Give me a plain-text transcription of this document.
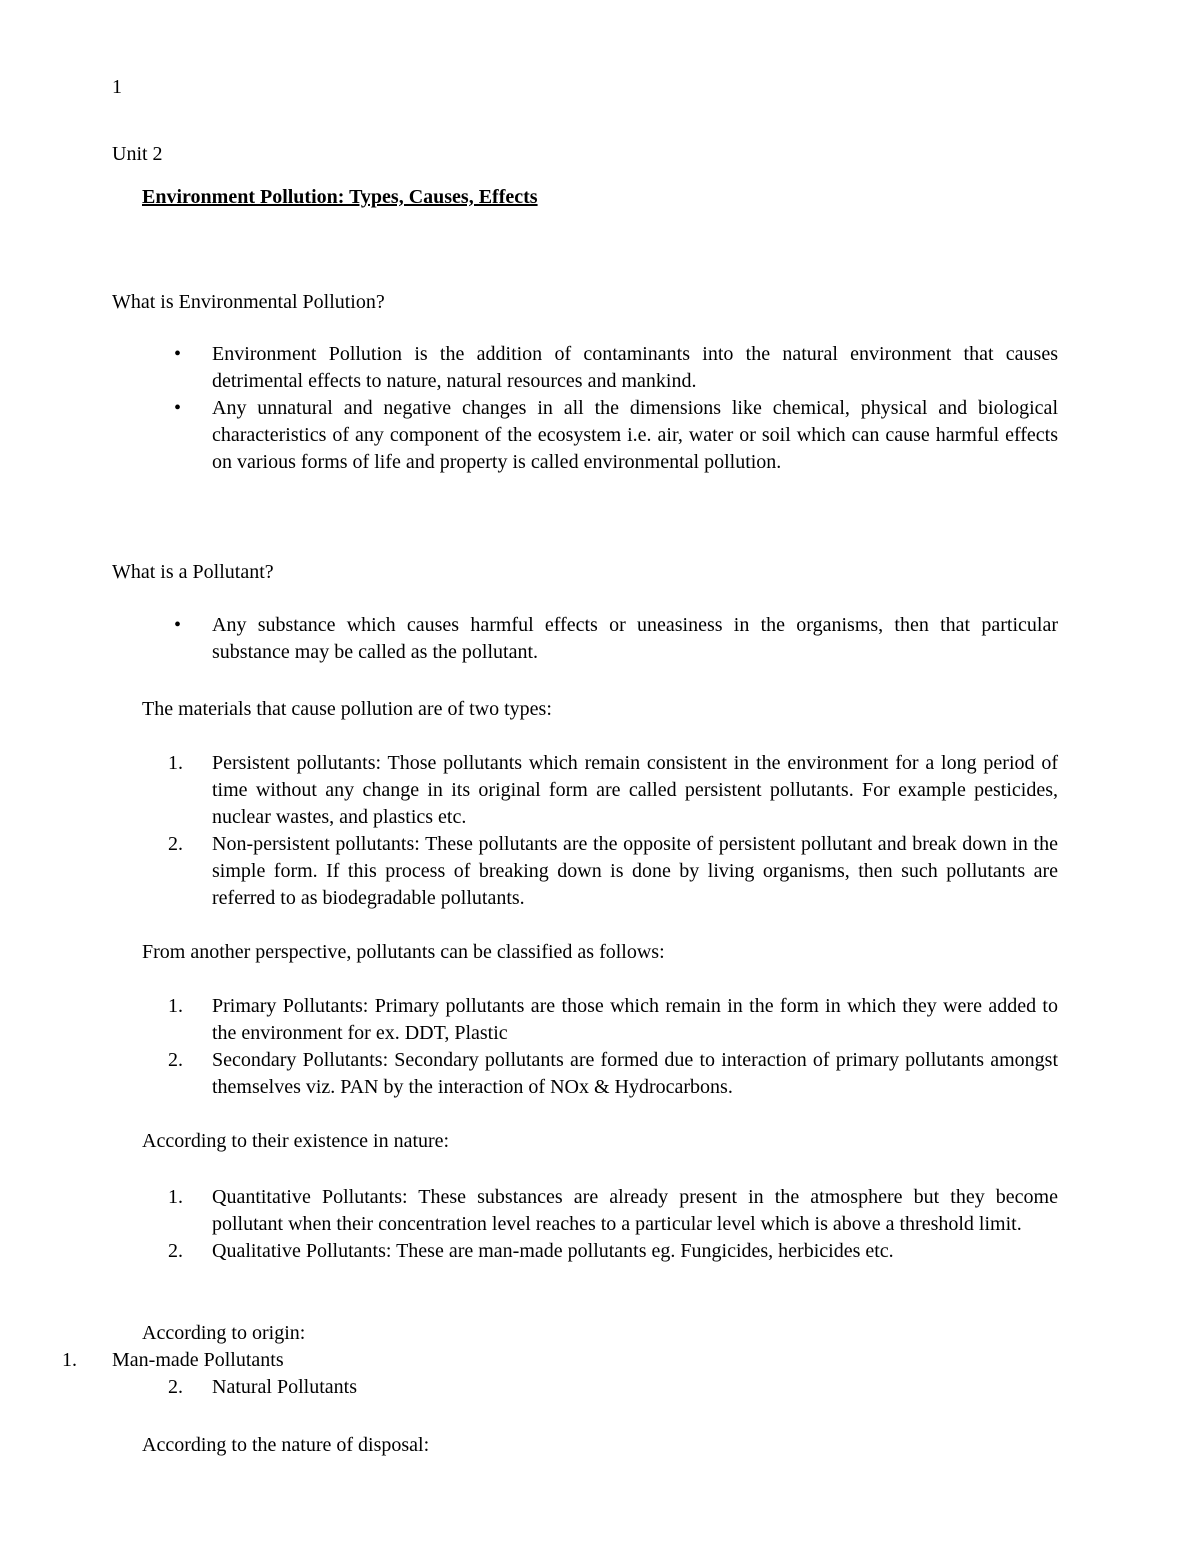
1
Unit 2
Environment Pollution: Types, Causes, Effects
What is Environmental Pollution?
•	Environment Pollution is the addition of contaminants into the natural environment that causes detrimental effects to nature, natural resources and mankind.
•	Any unnatural and negative changes in all the dimensions like chemical, physical and biological characteristics of any component of the ecosystem i.e. air, water or soil which can cause harmful effects on various forms of life and property is called environmental pollution.
What is a Pollutant?
•	Any substance which causes harmful effects or uneasiness in the organisms, then that particular substance may be called as the pollutant.
The materials that cause pollution are of two types:
1.	Persistent pollutants: Those pollutants which remain consistent in the environment for a long period of time without any change in its original form are called persistent pollutants. For example pesticides, nuclear wastes, and plastics etc.
2.	Non-persistent pollutants: These pollutants are the opposite of persistent pollutant and break down in the simple form. If this process of breaking down is done by living organisms, then such pollutants are referred to as biodegradable pollutants.
From another perspective, pollutants can be classified as follows:
1.	Primary Pollutants: Primary pollutants are those which remain in the form in which they were added to the environment for ex. DDT, Plastic
2.	Secondary Pollutants: Secondary pollutants are formed due to interaction of primary pollutants amongst themselves viz. PAN by the interaction of NOx & Hydrocarbons.
According to their existence in nature:
1.	Quantitative Pollutants: These substances are already present in the atmosphere but they become pollutant when their concentration level reaches to a particular level which is above a threshold limit.
2.	Qualitative Pollutants: These are man-made pollutants eg. Fungicides, herbicides etc.
According to origin:
1. Man-made Pollutants
2.	Natural Pollutants
According to the nature of disposal:
